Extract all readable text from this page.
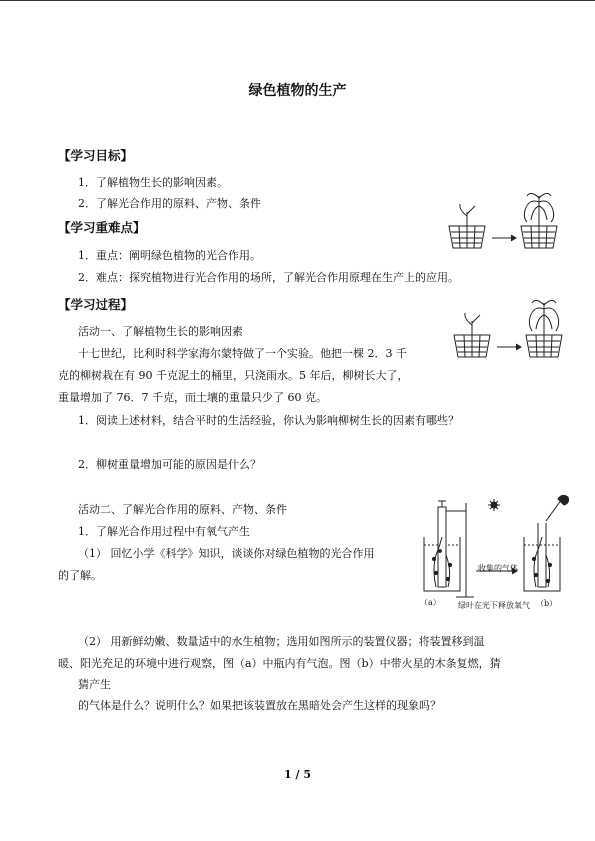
绿色植物的生产
【学习目标】
1．了解植物生长的影响因素。
2．了解光合作用的原料、产物、条件
【学习重难点】
1．重点：阐明绿色植物的光合作用。
2．难点：探究植物进行光合作用的场所，了解光合作用原理在生产上的应用。
【学习过程】
活动一、了解植物生长的影响因素
十七世纪，比利时科学家海尔蒙特做了一个实验。他把一棵 2．3 千
克的柳树栽在有 90 千克泥土的桶里，只浇雨水。5 年后，柳树长大了，
重量增加了 76．7 千克，而土壤的重量只少了 60 克。
1．阅读上述材料，结合平时的生活经验，你认为影响柳树生长的因素有哪些？
2．柳树重量增加可能的原因是什么？
活动二、了解光合作用的原料、产物、条件
1．了解光合作用过程中有氧气产生
（1） 回忆小学《科学》知识，谈谈你对绿色植物的光合作用
的了解。
（2） 用新鲜幼嫩、数量适中的水生植物；选用如图所示的装置仪器；将装置移到温
暖、阳光充足的环境中进行观察，图（a）中瓶内有气泡。图（b）中带火星的木条复燃，猜
猜产生
的气体是什么？说明什么？如果把该装置放在黑暗处会产生这样的现象吗？
收集的气体
（a） 绿叶在光下释放氧气 （b）
1 / 5
